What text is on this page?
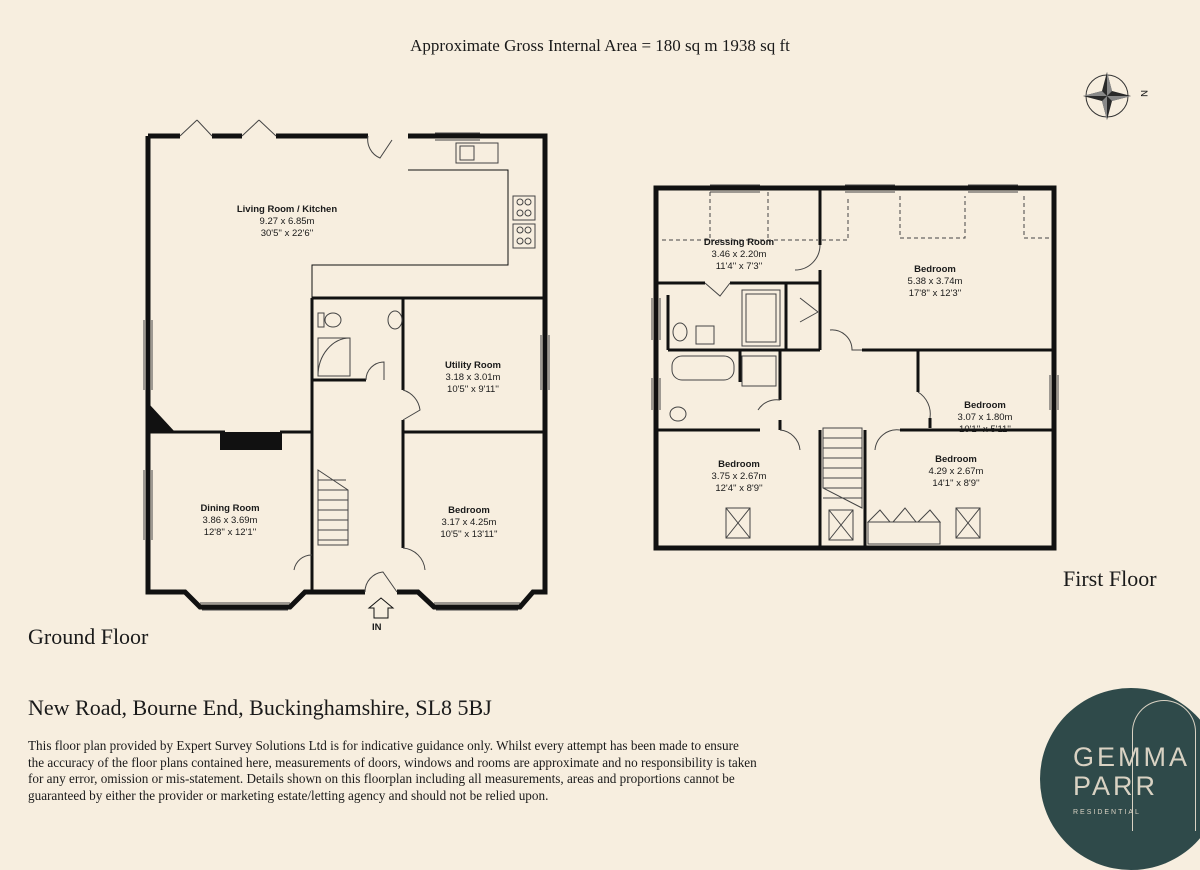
Approximate Gross Internal Area = 180 sq m 1938 sq ft
N
Living Room / Kitchen
9.27 x 6.85m
30'5'' x 22'6''
Utility Room
3.18 x 3.01m
10'5'' x 9'11''
Dining Room
3.86 x 3.69m
12'8'' x 12'1''
Bedroom
3.17 x 4.25m
10'5'' x 13'11''
Dressing Room
3.46 x 2.20m
11'4'' x 7'3''	Bedroom
5.38 x 3.74m
17'8'' x 12'3''
Bedroom
3.07 x 1.80m
10'1'' x 5'11''
Bedroom
3.75 x 2.67m
12'4'' x 8'9''
Bedroom
4.29 x 2.67m
14'1'' x 8'9''
IN
Ground Floor
First Floor
New Road, Bourne End, Buckinghamshire, SL8 5BJ
This floor plan provided by Expert Survey Solutions Ltd is for indicative guidance only. Whilst every attempt has been made to ensure the accuracy of the floor plans contained here, measurements of doors, windows and rooms are approximate and no responsibility is taken for any error, omission or mis-statement. Details shown on this floorplan including all measurements, areas and proportions cannot be guaranteed by either the provider or marketing estate/letting agency and should not be relied upon.
GEMMA
PARR
RESIDENTIAL
